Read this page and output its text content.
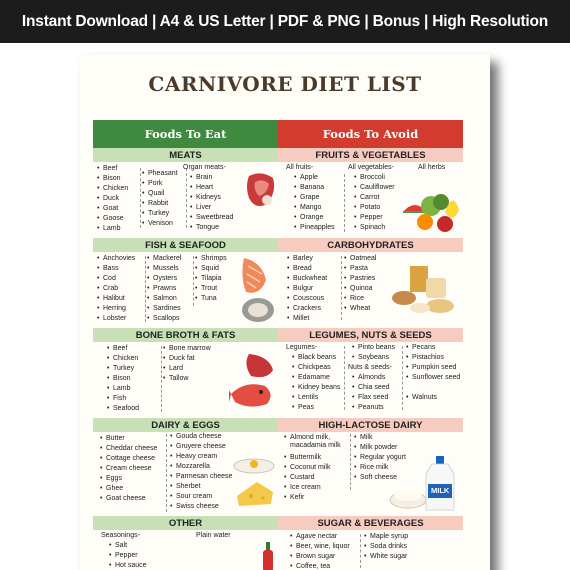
Instant Download | A4 & US Letter | PDF & PNG | Bonus | High Resolution
CARNIVORE DIET LIST
Foods To Eat
MEATS
• Beef
• Bison
• Chicken
• Duck
• Goat
• Goose
• Lamb
• Pheasant
• Pork
• Quail
• Rabbit
• Turkey
• Venison
Organ meats-
• Brain
• Heart
• Kidneys
• Liver
• Sweetbread
• Tongue
FISH & SEAFOOD
• Anchovies
• Bass
• Cod
• Crab
• Halibut
• Herring
• Lobster
• Mackerel
• Mussels
• Oysters
• Prawns
• Salmon
• Sardines
• Scallops
• Shrimps
• Squid
• Tilapia
• Trout
• Tuna
BONE BROTH & FATS
• Beef
• Chicken
• Turkey
• Bison
• Lamb
• Fish
• Seafood
• Bone marrow
• Duck fat
• Lard
• Tallow
DAIRY & EGGS
• Butter
• Cheddar cheese
• Cottage cheese
• Cream cheese
• Eggs
• Ghee
• Goat cheese
• Gouda cheese
• Gruyere cheese
• Heavy cream
• Mozzarella
• Parmesan cheese
• Sherbet
• Sour cream
• Swiss cheese
OTHER
Seasonings-
• Salt
• Pepper
• Hot sauce
Plain water
Foods To Avoid
FRUITS & VEGETABLES
All fruits-
• Apple
• Banana
• Grape
• Mango
• Orange
• Pineapples
All vegetables-
• Broccoli
• Cauliflower
• Carrot
• Potato
• Pepper
• Spinach
All herbs
CARBOHYDRATES
• Barley
• Bread
• Buckwheat
• Bulgur
• Couscous
• Crackers
• Millet
• Oatmeal
• Pasta
• Pastries
• Quinoa
• Rice
• Wheat
LEGUMES, NUTS & SEEDS
Legumes-
• Black beans
• Chickpeas
• Edamame
• Kidney beans
• Lentils
• Peas
• Pinto beans
• Soybeans
Nuts & seeds-
• Almonds
• Chia seed
• Flax seed
• Peanuts
• Pecans
• Pistachios
• Pumpkin seed
• Sunflower seed
• Walnuts
HIGH-LACTOSE DAIRY
• Almond milk, macadamia milk
• Buttermilk
• Coconut milk
• Custard
• Ice cream
• Kefir
• Milk
• Milk powder
• Regular yogurt
• Rice milk
• Soft cheese
MILK
SUGAR & BEVERAGES
• Agave nectar
• Beer, wine, liquor
• Brown sugar
• Coffee, tea
• Maple syrup
• Soda drinks
• White sugar
